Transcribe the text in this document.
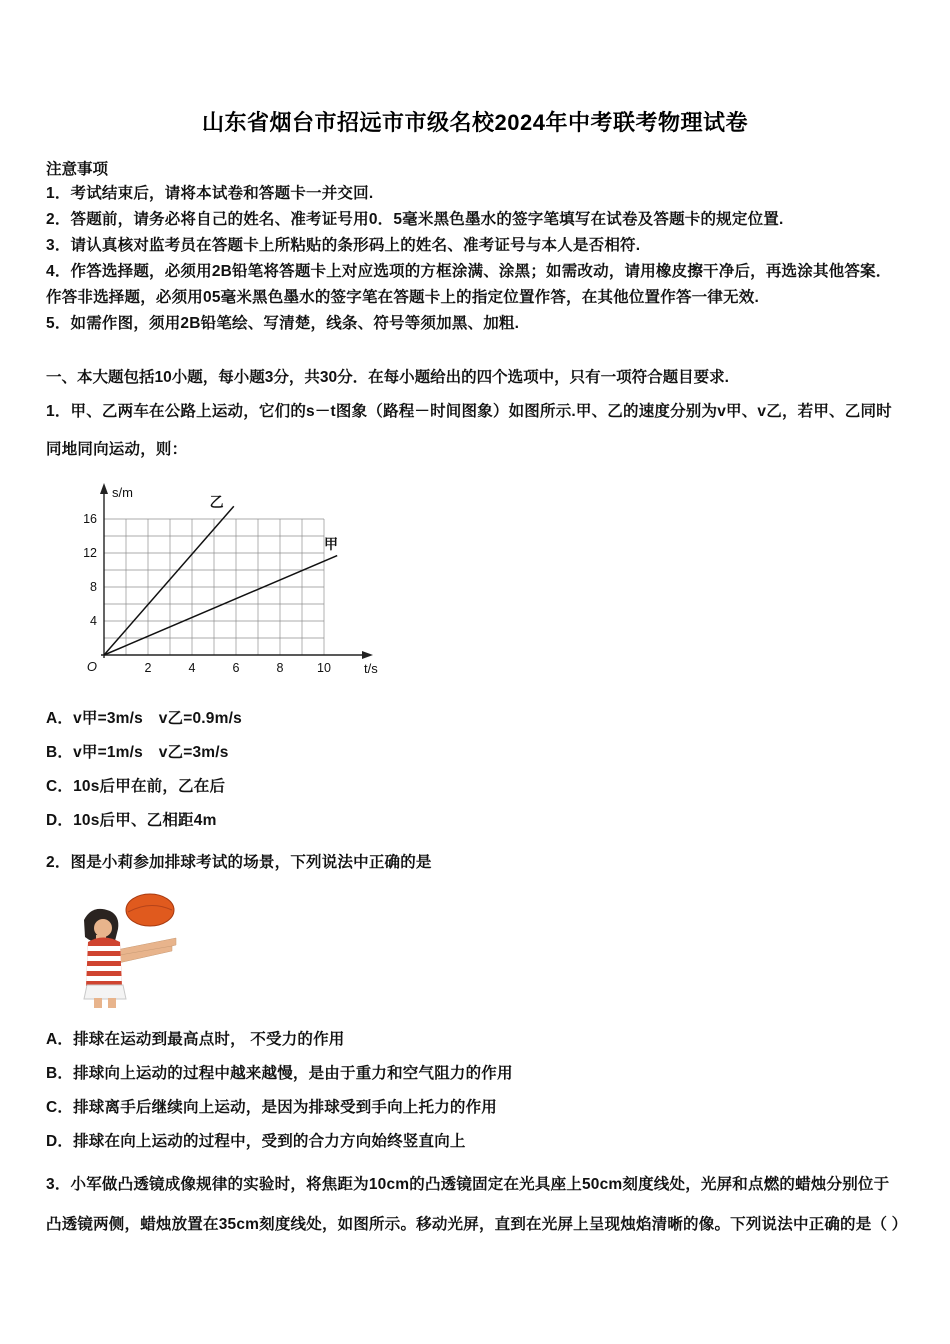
山东省烟台市招远市市级名校2024年中考联考物理试卷
注意事项
1．考试结束后，请将本试卷和答题卡一并交回.
2．答题前，请务必将自己的姓名、准考证号用0．5毫米黑色墨水的签字笔填写在试卷及答题卡的规定位置.
3．请认真核对监考员在答题卡上所粘贴的条形码上的姓名、准考证号与本人是否相符.
4．作答选择题，必须用2B铅笔将答题卡上对应选项的方框涂满、涂黑；如需改动，请用橡皮擦干净后，再选涂其他答案．作答非选择题，必须用05毫米黑色墨水的签字笔在答题卡上的指定位置作答，在其他位置作答一律无效.
5．如需作图，须用2B铅笔绘、写清楚，线条、符号等须加黑、加粗.
一、本大题包括10小题，每小题3分，共30分．在每小题给出的四个选项中，只有一项符合题目要求.
1．甲、乙两车在公路上运动，它们的s－t图象（路程－时间图象）如图所示.甲、乙的速度分别为v甲、v乙，若甲、乙同时同地同向运动，则：
2	4	6	8	10
4
8
12
16
O
s/m
t/s
乙
甲
A．v甲=3m/s　v乙=0.9m/s
B．v甲=1m/s　v乙=3m/s
C．10s后甲在前，乙在后
D．10s后甲、乙相距4m
2．图是小莉参加排球考试的场景，下列说法中正确的是
A．排球在运动到最高点时， 不受力的作用
B．排球向上运动的过程中越来越慢，是由于重力和空气阻力的作用
C．排球离手后继续向上运动，是因为排球受到手向上托力的作用
D．排球在向上运动的过程中，受到的合力方向始终竖直向上
3．小军做凸透镜成像规律的实验时，将焦距为10cm的凸透镜固定在光具座上50cm刻度线处，光屏和点燃的蜡烛分别位于凸透镜两侧，蜡烛放置在35cm刻度线处，如图所示。移动光屏，直到在光屏上呈现烛焰清晰的像。下列说法中正确的是（ ）
